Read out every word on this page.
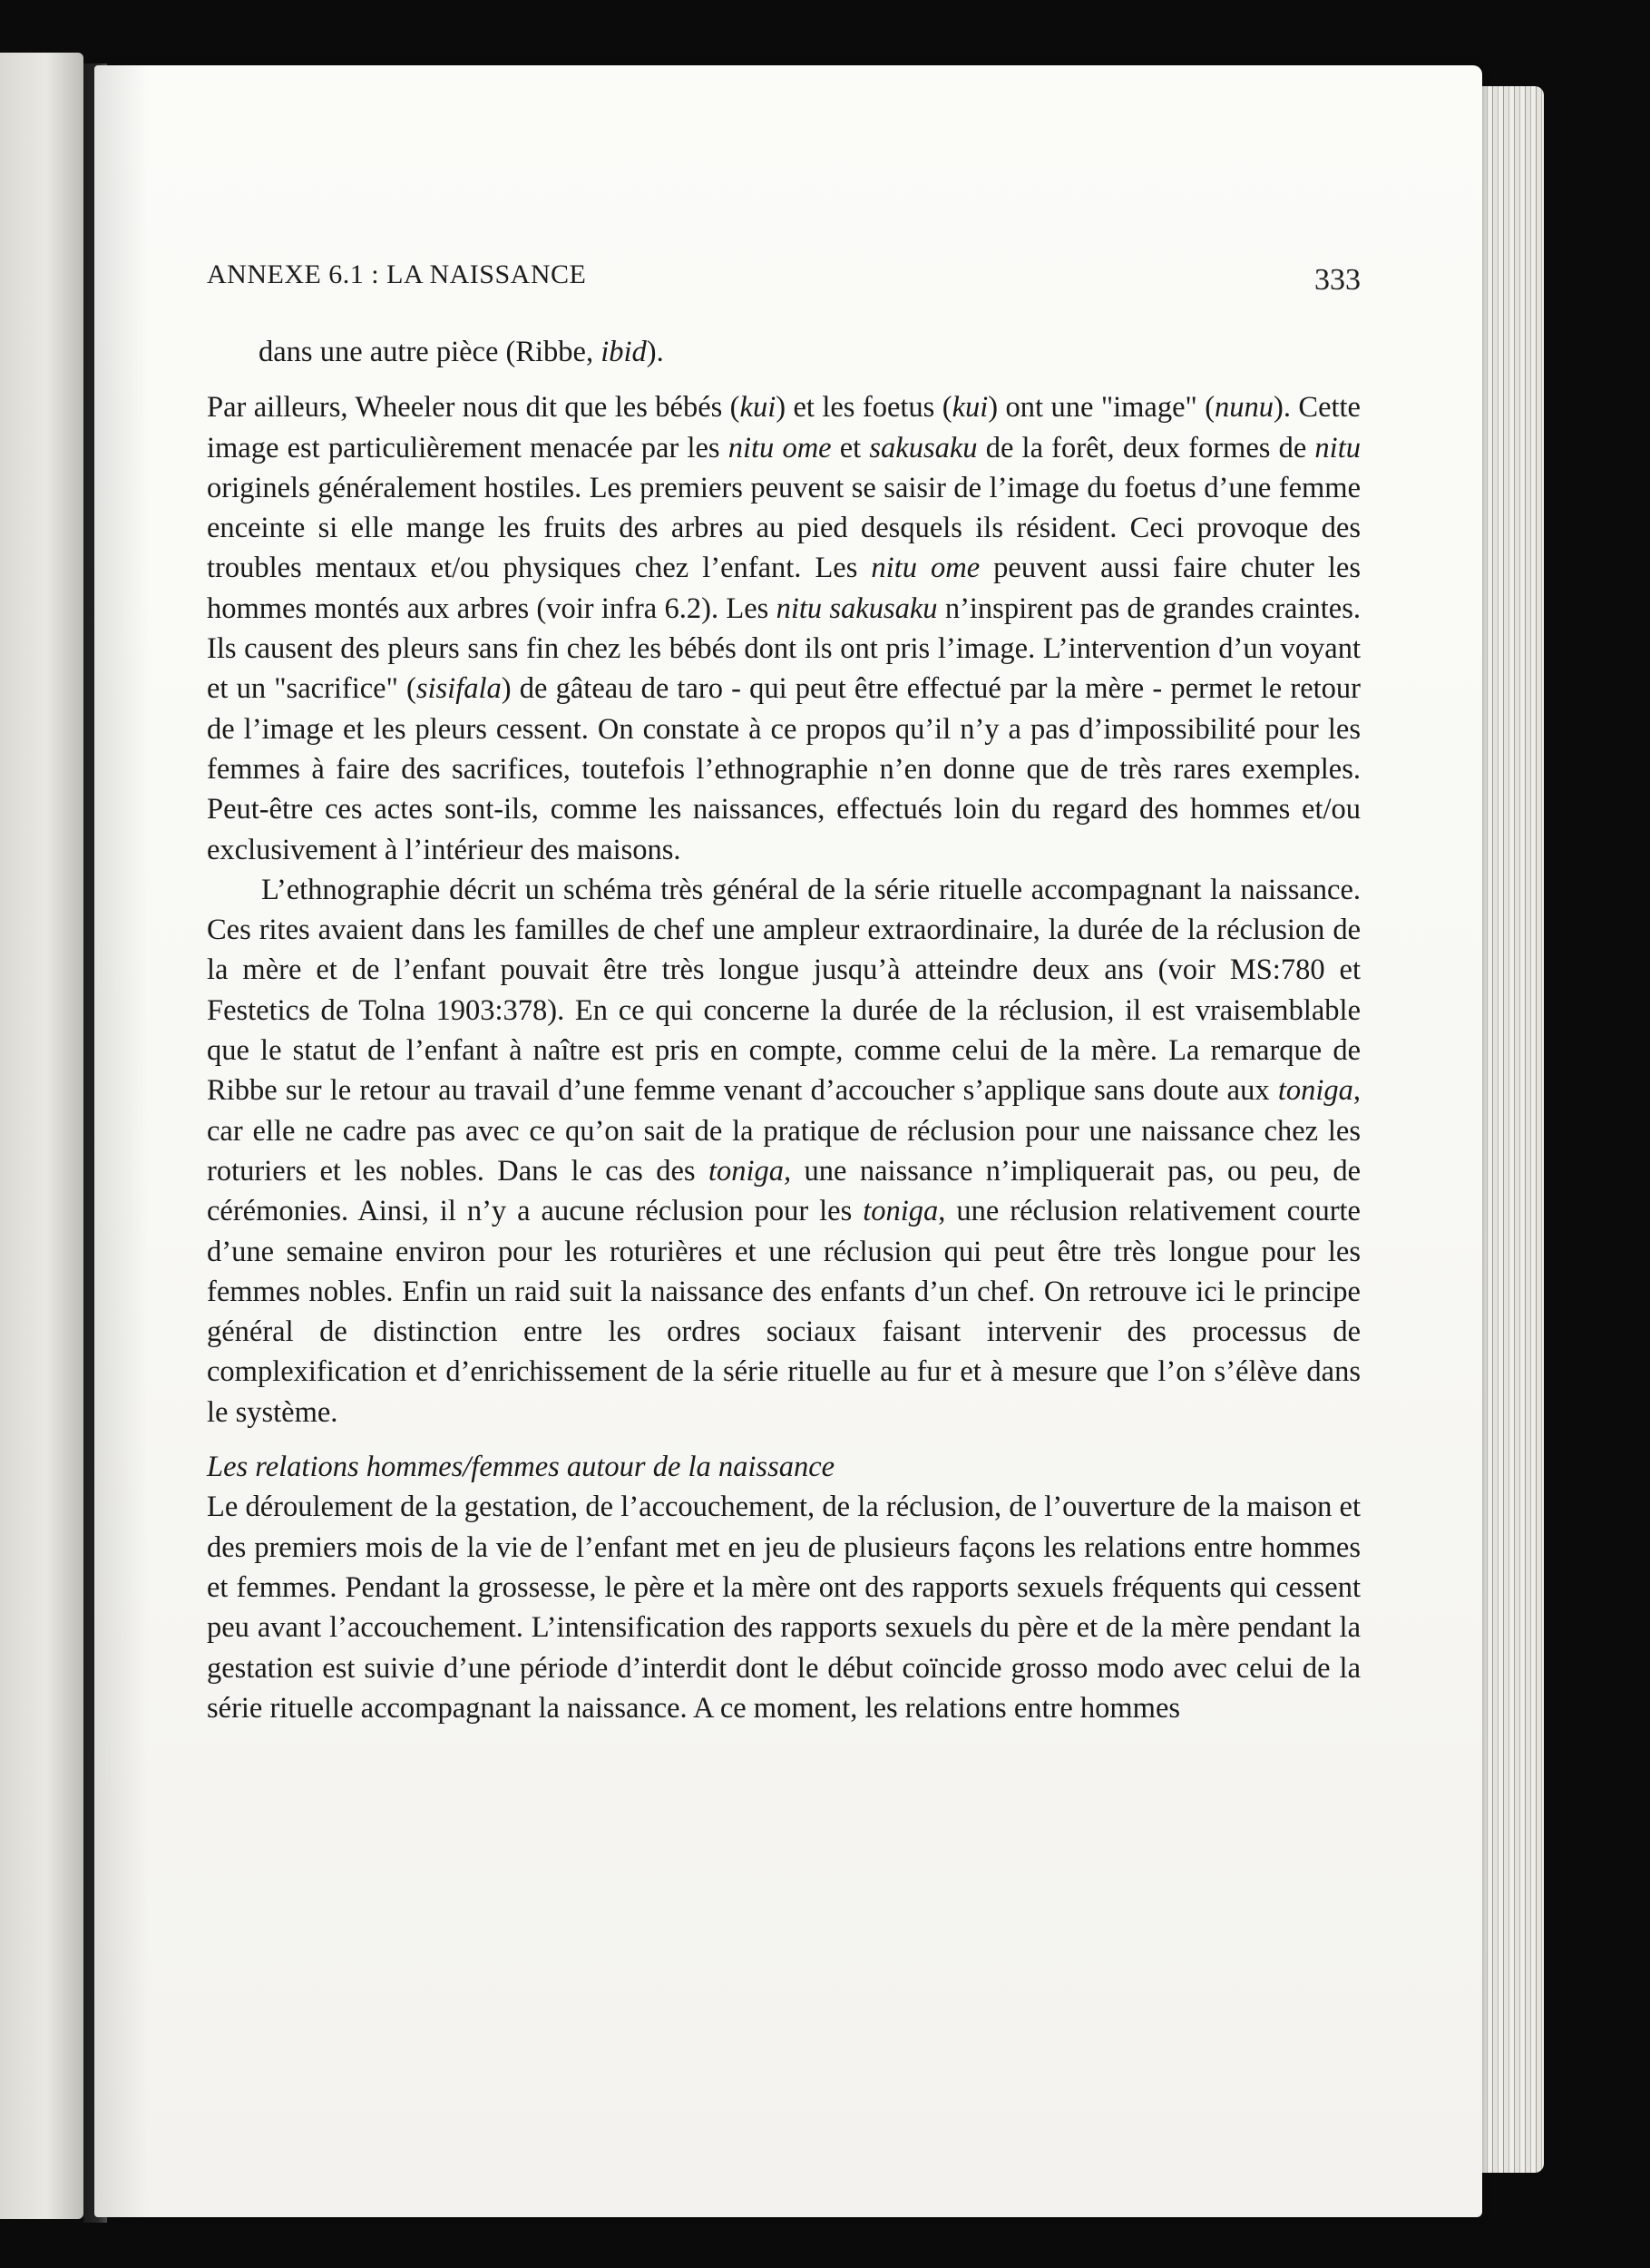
ANNEXE 6.1 : LA NAISSANCE	333

dans une autre pièce (Ribbe, ibid).

Par ailleurs, Wheeler nous dit que les bébés (kui) et les foetus (kui) ont une "image" (nunu). Cette image est particulièrement menacée par les nitu ome et sakusaku de la forêt, deux formes de nitu originels généralement hostiles. Les premiers peuvent se saisir de l’image du foetus d’une femme enceinte si elle mange les fruits des arbres au pied desquels ils résident. Ceci provoque des troubles mentaux et/ou physiques chez l’enfant. Les nitu ome peuvent aussi faire chuter les hommes montés aux arbres (voir infra 6.2). Les nitu sakusaku n’inspirent pas de grandes craintes. Ils causent des pleurs sans fin chez les bébés dont ils ont pris l’image. L’intervention d’un voyant et un "sacrifice" (sisifala) de gâteau de taro - qui peut être effectué par la mère - permet le retour de l’image et les pleurs cessent. On constate à ce propos qu’il n’y a pas d’impossibilité pour les femmes à faire des sacrifices, toutefois l’ethnographie n’en donne que de très rares exemples. Peut-être ces actes sont-ils, comme les naissances, effectués loin du regard des hommes et/ou exclusivement à l’intérieur des maisons.

L’ethnographie décrit un schéma très général de la série rituelle accompagnant la naissance. Ces rites avaient dans les familles de chef une ampleur extraordinaire, la durée de la réclusion de la mère et de l’enfant pouvait être très longue jusqu’à atteindre deux ans (voir MS:780 et Festetics de Tolna 1903:378). En ce qui concerne la durée de la réclusion, il est vraisemblable que le statut de l’enfant à naître est pris en compte, comme celui de la mère. La remarque de Ribbe sur le retour au travail d’une femme venant d’accoucher s’applique sans doute aux toniga, car elle ne cadre pas avec ce qu’on sait de la pratique de réclusion pour une naissance chez les roturiers et les nobles. Dans le cas des toniga, une naissance n’impliquerait pas, ou peu, de cérémonies. Ainsi, il n’y a aucune réclusion pour les toniga, une réclusion relativement courte d’une semaine environ pour les roturières et une réclusion qui peut être très longue pour les femmes nobles. Enfin un raid suit la naissance des enfants d’un chef. On retrouve ici le principe général de distinction entre les ordres sociaux faisant intervenir des processus de complexification et d’enrichissement de la série rituelle au fur et à mesure que l’on s’élève dans le système.

Les relations hommes/femmes autour de la naissance

Le déroulement de la gestation, de l’accouchement, de la réclusion, de l’ouverture de la maison et des premiers mois de la vie de l’enfant met en jeu de plusieurs façons les relations entre hommes et femmes. Pendant la grossesse, le père et la mère ont des rapports sexuels fréquents qui cessent peu avant l’accouchement. L’intensification des rapports sexuels du père et de la mère pendant la gestation est suivie d’une période d’interdit dont le début coïncide grosso modo avec celui de la série rituelle accompagnant la naissance. A ce moment, les relations entre hommes
